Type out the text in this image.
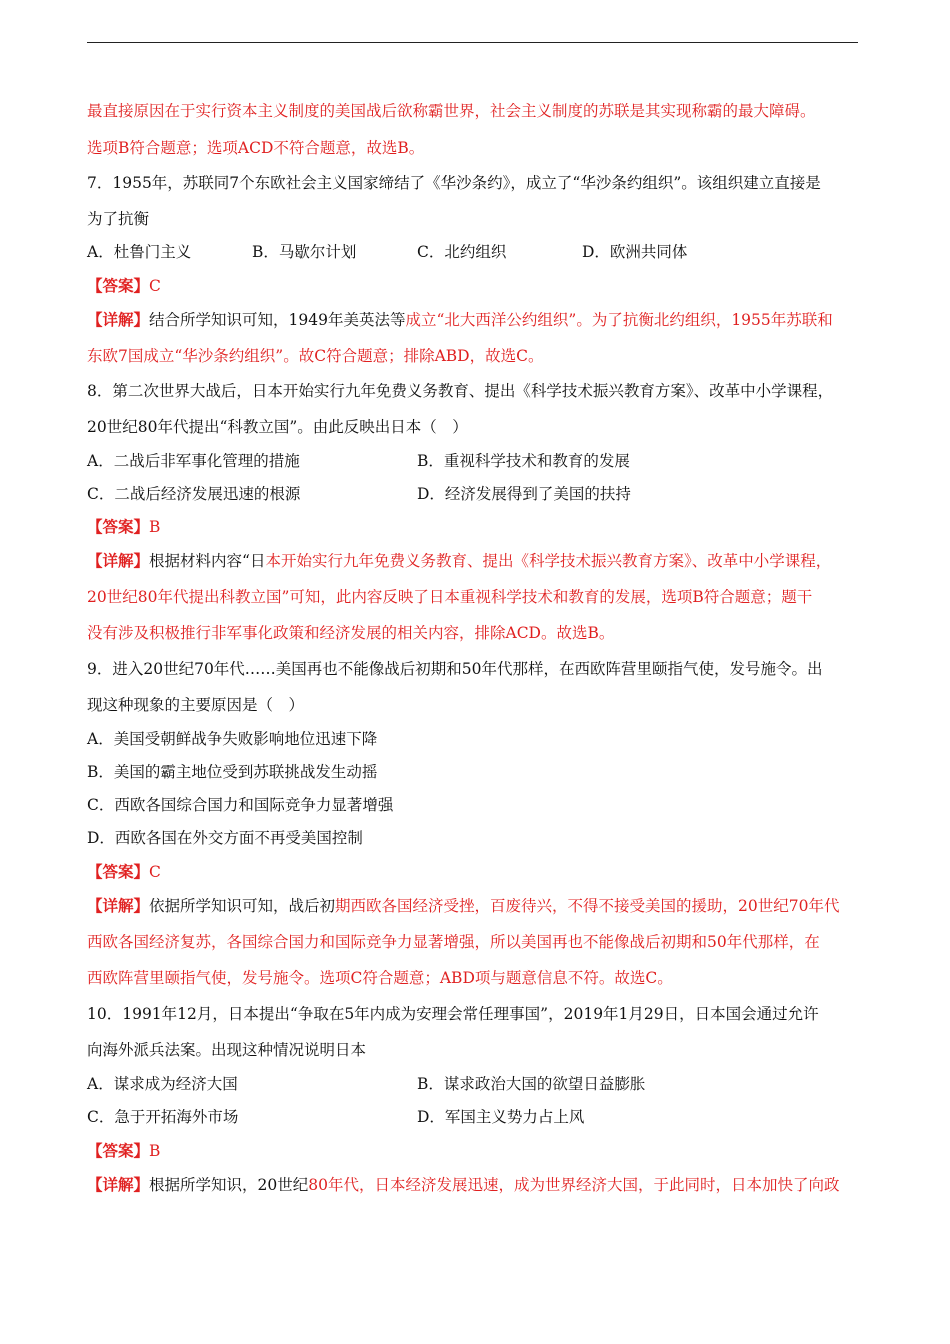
最直接原因在于实行资本主义制度的美国战后欲称霸世界，社会主义制度的苏联是其实现称霸的最大障碍。
选项B符合题意；选项ACD不符合题意，故选B。
7．1955年，苏联同7个东欧社会主义国家缔结了《华沙条约》，成立了“华沙条约组织”。该组织建立直接是
为了抗衡
A．杜鲁门主义	B．马歇尔计划	C．北约组织	D．欧洲共同体
【答案】C
【详解】结合所学知识可知，1949年美英法等成立“北大西洋公约组织”。为了抗衡北约组织，1955年苏联和
东欧7国成立“华沙条约组织”。故C符合题意；排除ABD，故选C。
8．第二次世界大战后，日本开始实行九年免费义务教育、提出《科学技术振兴教育方案》、改革中小学课程，
20世纪80年代提出“科教立国”。由此反映出日本（　）
A．二战后非军事化管理的措施	B．重视科学技术和教育的发展
C．二战后经济发展迅速的根源	D．经济发展得到了美国的扶持
【答案】B
【详解】根据材料内容“日本开始实行九年免费义务教育、提出《科学技术振兴教育方案》、改革中小学课程，
20世纪80年代提出科教立国”可知，此内容反映了日本重视科学技术和教育的发展，选项B符合题意；题干
没有涉及积极推行非军事化政策和经济发展的相关内容，排除ACD。故选B。
9．进入20世纪70年代……美国再也不能像战后初期和50年代那样，在西欧阵营里颐指气使，发号施令。出
现这种现象的主要原因是（　）
A．美国受朝鲜战争失败影响地位迅速下降
B．美国的霸主地位受到苏联挑战发生动摇
C．西欧各国综合国力和国际竞争力显著增强
D．西欧各国在外交方面不再受美国控制
【答案】C
【详解】依据所学知识可知，战后初期西欧各国经济受挫，百废待兴，不得不接受美国的援助，20世纪70年代
西欧各国经济复苏，各国综合国力和国际竞争力显著增强，所以美国再也不能像战后初期和50年代那样，在
西欧阵营里颐指气使，发号施令。选项C符合题意；ABD项与题意信息不符。故选C。
10．1991年12月，日本提出“争取在5年内成为安理会常任理事国”，2019年1月29日，日本国会通过允许
向海外派兵法案。出现这种情况说明日本
A．谋求成为经济大国	B．谋求政治大国的欲望日益膨胀
C．急于开拓海外市场	D．军国主义势力占上风
【答案】B
【详解】根据所学知识，20世纪80年代，日本经济发展迅速，成为世界经济大国，于此同时，日本加快了向政
